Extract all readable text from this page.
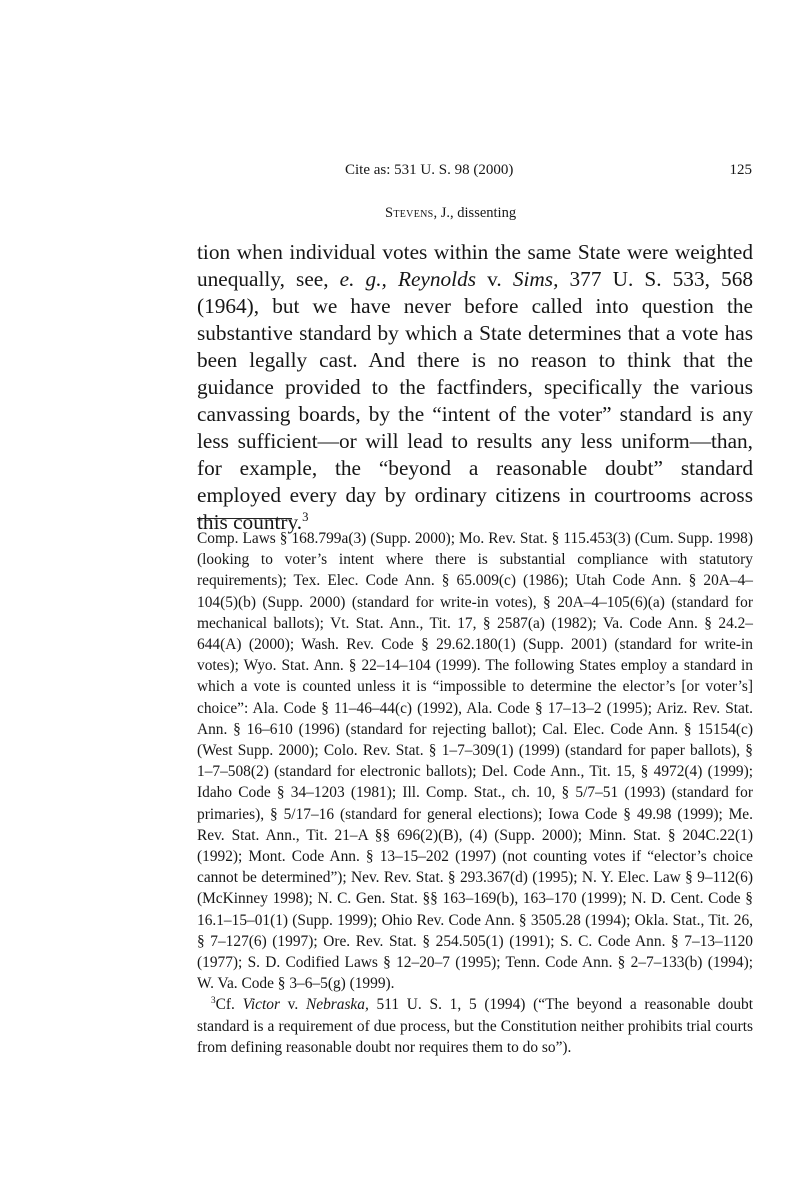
Cite as: 531 U. S. 98 (2000)	125
Stevens, J., dissenting

tion when individual votes within the same State were weighted unequally, see, e. g., Reynolds v. Sims, 377 U. S. 533, 568 (1964), but we have never before called into question the substantive standard by which a State determines that a vote has been legally cast. And there is no reason to think that the guidance provided to the factfinders, specifically the various canvassing boards, by the “intent of the voter” standard is any less sufficient—or will lead to results any less uniform—than, for example, the “beyond a reasonable doubt” standard employed every day by ordinary citizens in courtrooms across this country.$^3$

Comp. Laws § 168.799a(3) (Supp. 2000); Mo. Rev. Stat. § 115.453(3) (Cum. Supp. 1998) (looking to voter’s intent where there is substantial compliance with statutory requirements); Tex. Elec. Code Ann. § 65.009(c) (1986); Utah Code Ann. § 20A–4–104(5)(b) (Supp. 2000) (standard for write-in votes), § 20A–4–105(6)(a) (standard for mechanical ballots); Vt. Stat. Ann., Tit. 17, § 2587(a) (1982); Va. Code Ann. § 24.2–644(A) (2000); Wash. Rev. Code § 29.62.180(1) (Supp. 2001) (standard for write-in votes); Wyo. Stat. Ann. § 22–14–104 (1999). The following States employ a standard in which a vote is counted unless it is “impossible to determine the elector’s [or voter’s] choice”: Ala. Code § 11–46–44(c) (1992), Ala. Code § 17–13–2 (1995); Ariz. Rev. Stat. Ann. § 16–610 (1996) (standard for rejecting ballot); Cal. Elec. Code Ann. § 15154(c) (West Supp. 2000); Colo. Rev. Stat. § 1–7–309(1) (1999) (standard for paper ballots), § 1–7–508(2) (standard for electronic ballots); Del. Code Ann., Tit. 15, § 4972(4) (1999); Idaho Code § 34–1203 (1981); Ill. Comp. Stat., ch. 10, § 5/7–51 (1993) (standard for primaries), § 5/17–16 (standard for general elections); Iowa Code § 49.98 (1999); Me. Rev. Stat. Ann., Tit. 21–A §§ 696(2)(B), (4) (Supp. 2000); Minn. Stat. § 204C.22(1) (1992); Mont. Code Ann. § 13–15–202 (1997) (not counting votes if “elector’s choice cannot be determined”); Nev. Rev. Stat. § 293.367(d) (1995); N. Y. Elec. Law § 9–112(6) (McKinney 1998); N. C. Gen. Stat. §§ 163–169(b), 163–170 (1999); N. D. Cent. Code § 16.1–15–01(1) (Supp. 1999); Ohio Rev. Code Ann. § 3505.28 (1994); Okla. Stat., Tit. 26, § 7–127(6) (1997); Ore. Rev. Stat. § 254.505(1) (1991); S. C. Code Ann. § 7–13–1120 (1977); S. D. Codified Laws § 12–20–7 (1995); Tenn. Code Ann. § 2–7–133(b) (1994); W. Va. Code § 3–6–5(g) (1999).

$^3$Cf. Victor v. Nebraska, 511 U. S. 1, 5 (1994) (“The beyond a reasonable doubt standard is a requirement of due process, but the Constitution neither prohibits trial courts from defining reasonable doubt nor requires them to do so”).
